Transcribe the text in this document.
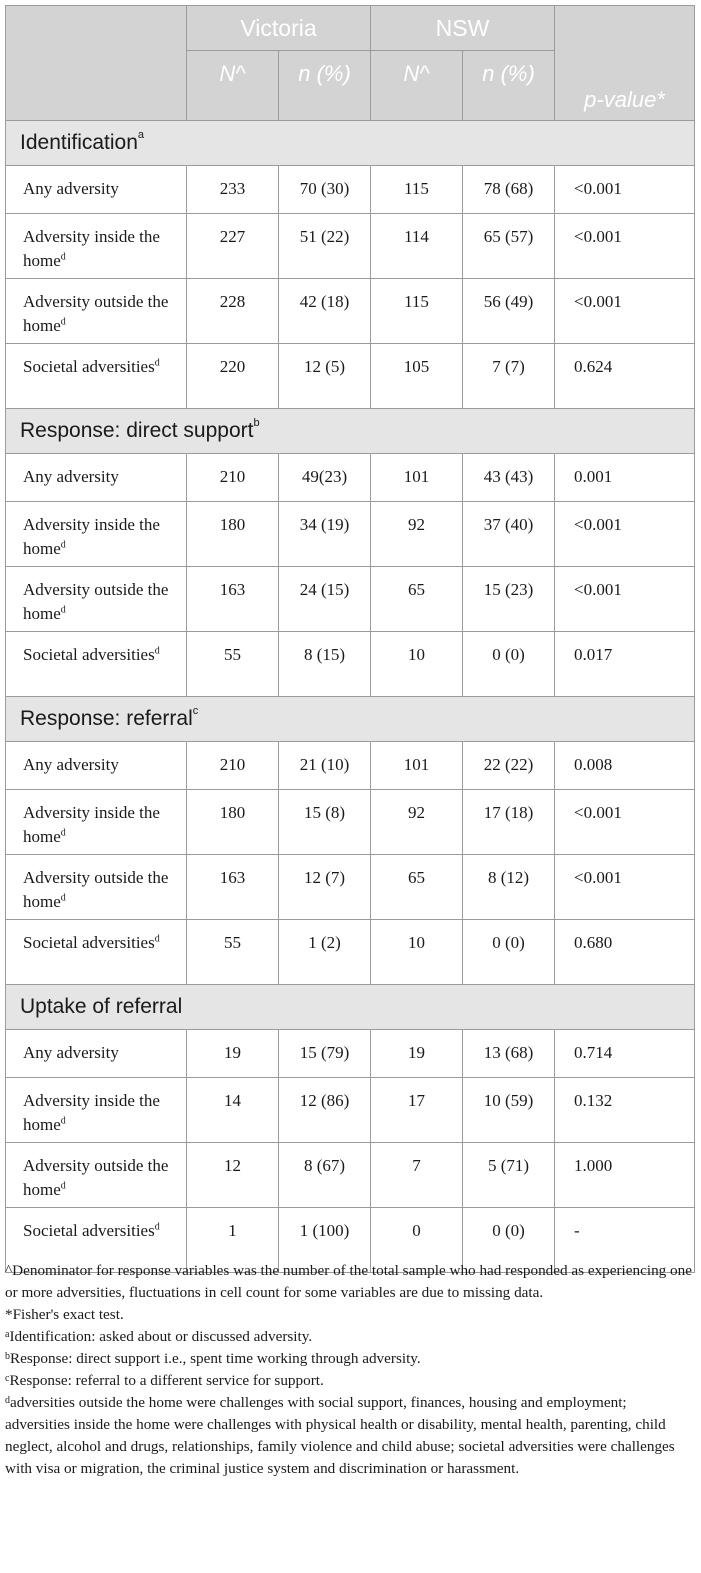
	Victoria		NSW		p-value*
	N^	n (%)	N^	n (%)	
Identification$^a$
Any adversity	233	70 (30)	115	78 (68)	<0.001
Adversity inside the home$^d$	227	51 (22)	114	65 (57)	<0.001
Adversity outside the home$^d$	228	42 (18)	115	56 (49)	<0.001
Societal adversities$^d$	220	12 (5)	105	7 (7)	0.624
Response: direct support$^b$
Any adversity	210	49(23)	101	43 (43)	0.001
Adversity inside the home$^d$	180	34 (19)	92	37 (40)	<0.001
Adversity outside the home$^d$	163	24 (15)	65	15 (23)	<0.001
Societal adversities$^d$	55	8 (15)	10	0 (0)	0.017
Response: referral$^c$
Any adversity	210	21 (10)	101	22 (22)	0.008
Adversity inside the home$^d$	180	15 (8)	92	17 (18)	<0.001
Adversity outside the home$^d$	163	12 (7)	65	8 (12)	<0.001
Societal adversities$^d$	55	1 (2)	10	0 (0)	0.680
Uptake of referral					
Any adversity	19	15 (79)	19	13 (68)	0.714
Adversity inside the home$^d$	14	12 (86)	17	10 (59)	0.132
Adversity outside the home$^d$	12	8 (67)	7	5 (71)	1.000
Societal adversities$^d$	1	1 (100)	0	0 (0)	-

^Denominator for response variables was the number of the total sample who had responded as experiencing one or more adversities, fluctuations in cell count for some variables are due to missing data.

*Fisher's exact test.

$^a$Identification: asked about or discussed adversity.

$^b$Response: direct support i.e., spent time working through adversity.

$^c$Response: referral to a different service for support.

$^d$adversities outside the home were challenges with social support, finances, housing and employment; adversities inside the home were challenges with physical health or disability, mental health, parenting, child neglect, alcohol and drugs, relationships, family violence and child abuse; societal adversities were challenges with visa or migration, the criminal justice system and discrimination or harassment.
